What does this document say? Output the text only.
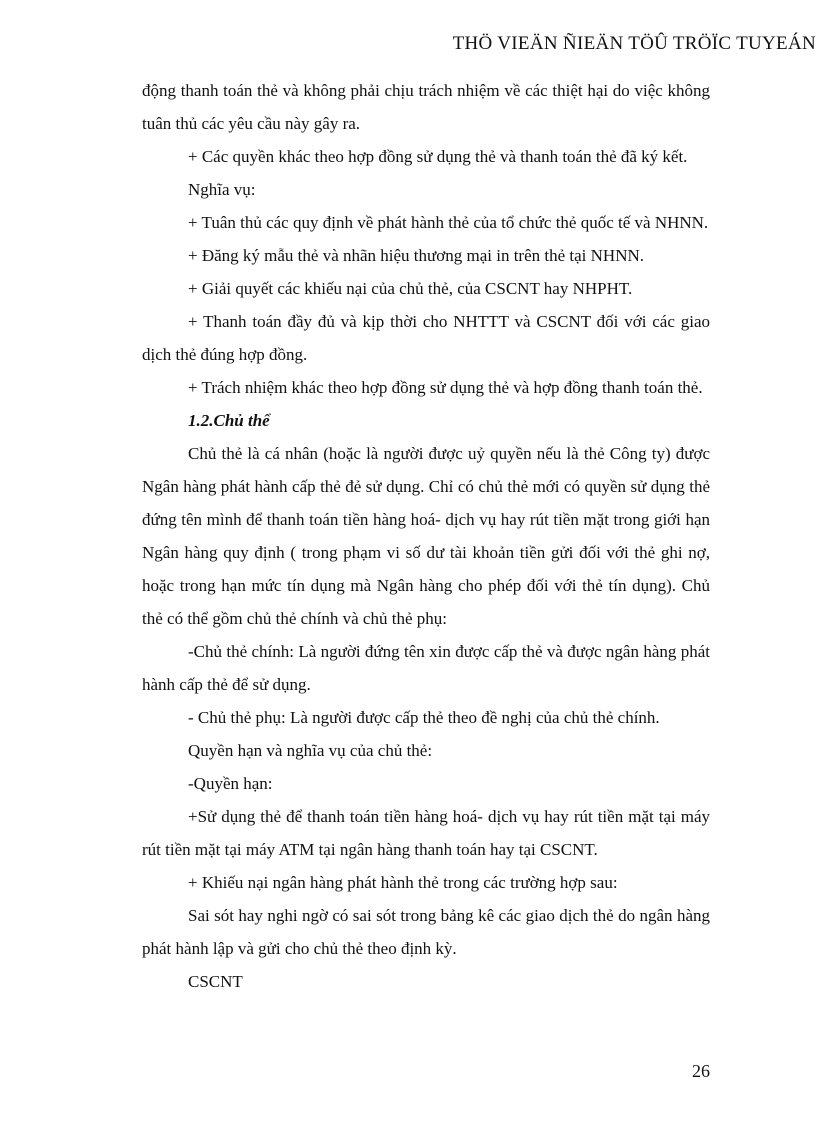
THÖ VIEÄN ÑIEÄN TÖÛ TRÖÏC TUYEÁN

động thanh toán thẻ và không phải chịu trách nhiệm về các thiệt hại do việc không tuân thủ các yêu cầu này gây ra.

+ Các quyền khác theo hợp đồng sử dụng thẻ và thanh toán thẻ đã ký kết.

Nghĩa vụ:

+ Tuân thủ các quy định về phát hành thẻ của tổ chức thẻ quốc tế và NHNN.

+ Đăng ký mẫu thẻ và nhãn hiệu thương mại in trên thẻ tại NHNN.

+ Giải quyết các khiếu nại của chủ thẻ, của CSCNT hay NHPHT.

+ Thanh toán đầy đủ và kịp thời cho NHTTT và CSCNT đối với các giao dịch thẻ đúng hợp đồng.

+ Trách nhiệm khác theo hợp đồng sử dụng thẻ và hợp đồng thanh toán thẻ.

1.2.Chủ thể

Chủ thẻ là cá nhân (hoặc là người được uỷ quyền nếu là thẻ Công ty) được Ngân hàng phát hành cấp thẻ đẻ sử dụng. Chỉ có chủ thẻ mới có quyền sử dụng thẻ đứng tên mình để thanh toán tiền hàng hoá- dịch vụ hay rút tiền mặt trong giới hạn Ngân hàng quy định ( trong phạm vi số dư tài khoản tiền gửi đối với thẻ ghi nợ, hoặc trong hạn mức tín dụng mà Ngân hàng cho phép đối với thẻ tín dụng). Chủ thẻ có thể gồm chủ thẻ chính và chủ thẻ phụ:

-Chủ thẻ chính: Là người đứng tên xin được cấp thẻ và được ngân hàng phát hành cấp thẻ để sử dụng.

- Chủ thẻ phụ: Là người được cấp thẻ theo đề nghị của chủ thẻ chính.

Quyền hạn và nghĩa vụ của chủ thẻ:

-Quyền hạn:

+Sử dụng thẻ để thanh toán tiền hàng hoá- dịch vụ hay rút tiền mặt tại máy rút tiền mặt tại máy ATM tại ngân hàng thanh toán hay tại CSCNT.

+ Khiếu nại ngân hàng phát hành thẻ trong các trường hợp sau:

Sai sót hay nghi ngờ có sai sót trong bảng kê các giao dịch thẻ do ngân hàng phát hành lập và gửi cho chủ thẻ theo định kỳ.

CSCNT

26
